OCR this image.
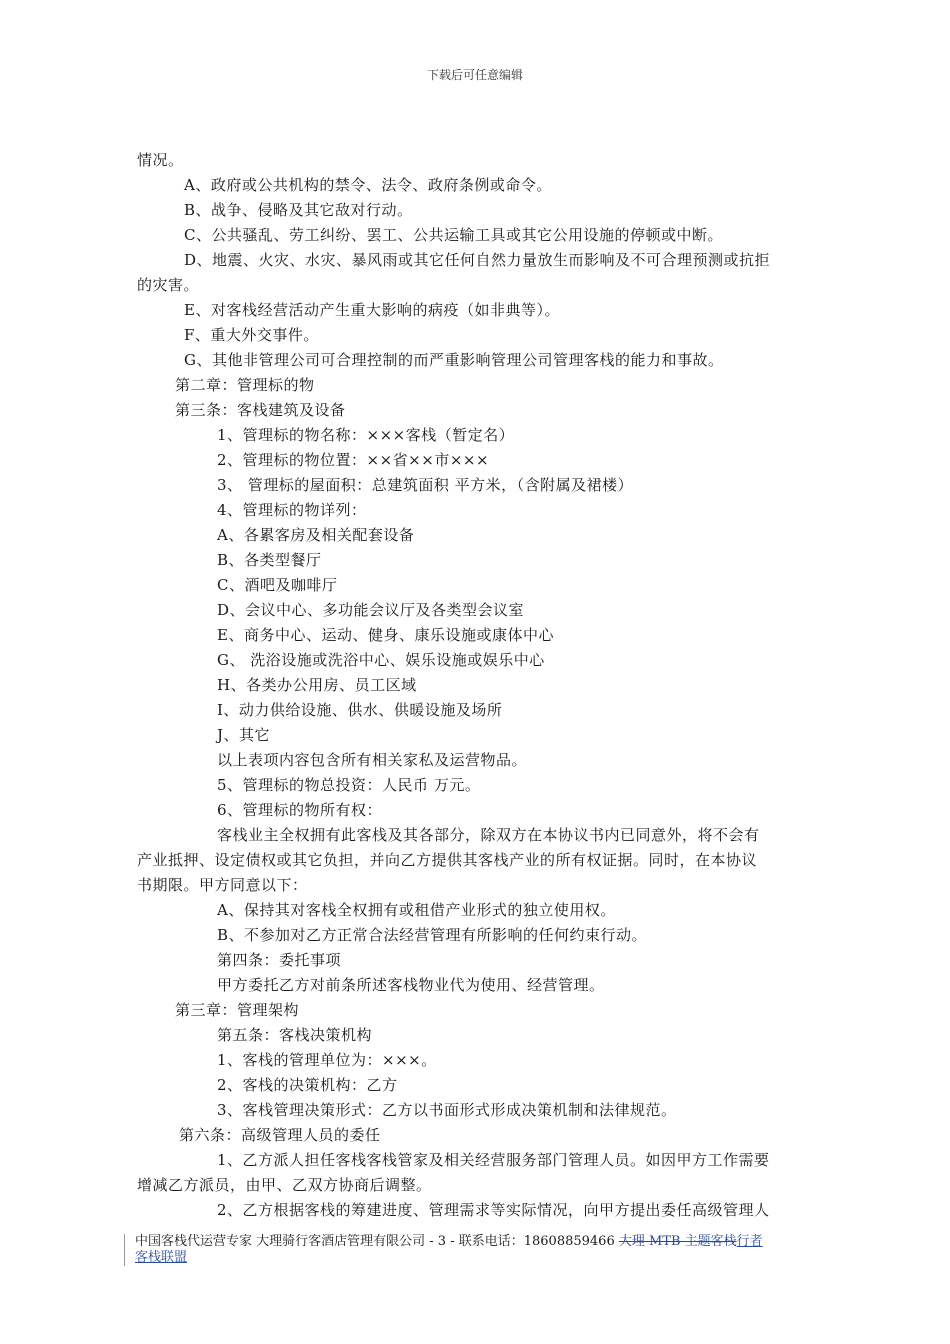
下载后可任意编辑
情况。
A、政府或公共机构的禁令、法令、政府条例或命令。
B、战争、侵略及其它敌对行动。
C、公共骚乱、劳工纠纷、罢工、公共运输工具或其它公用设施的停顿或中断。
D、地震、火灾、水灾、暴风雨或其它任何自然力量放生而影响及不可合理预测或抗拒
的灾害。
E、对客栈经营活动产生重大影响的病疫（如非典等）。
F、重大外交事件。
G、其他非管理公司可合理控制的而严重影响管理公司管理客栈的能力和事故。
第二章：管理标的物
第三条：客栈建筑及设备
1、管理标的物名称：×××客栈（暂定名）
2、管理标的物位置：××省××市×××
3、 管理标的屋面积：总建筑面积 平方米，（含附属及裙楼）
4、管理标的物详列：
A、各累客房及相关配套设备
B、各类型餐厅
C、酒吧及咖啡厅
D、会议中心、多功能会议厅及各类型会议室
E、商务中心、运动、健身、康乐设施或康体中心
G、 洗浴设施或洗浴中心、娱乐设施或娱乐中心
H、各类办公用房、员工区域
I、动力供给设施、供水、供暖设施及场所
J、其它
以上表项内容包含所有相关家私及运营物品。
5、管理标的物总投资：人民币 万元。
6、管理标的物所有权：
客栈业主全权拥有此客栈及其各部分，除双方在本协议书内已同意外，将不会有
产业抵押、设定债权或其它负担，并向乙方提供其客栈产业的所有权证据。同时，在本协议
书期限。甲方同意以下：
A、保持其对客栈全权拥有或租借产业形式的独立使用权。
B、不参加对乙方正常合法经营管理有所影响的任何约束行动。
第四条：委托事项
甲方委托乙方对前条所述客栈物业代为使用、经营管理。
第三章：管理架构
第五条：客栈决策机构
1、客栈的管理单位为：×××。
2、客栈的决策机构：乙方
3、客栈管理决策形式：乙方以书面形式形成决策机制和法律规范。
第六条：高级管理人员的委任
1、乙方派人担任客栈客栈管家及相关经营服务部门管理人员。如因甲方工作需要
增减乙方派员，由甲、乙双方协商后调整。
2、乙方根据客栈的筹建进度、管理需求等实际情况，向甲方提出委任高级管理人
中国客栈代运营专家 大理骑行客酒店管理有限公司 - 3 - 联系电话：18608859466 大理 MTB 主题客栈行者
客栈联盟
